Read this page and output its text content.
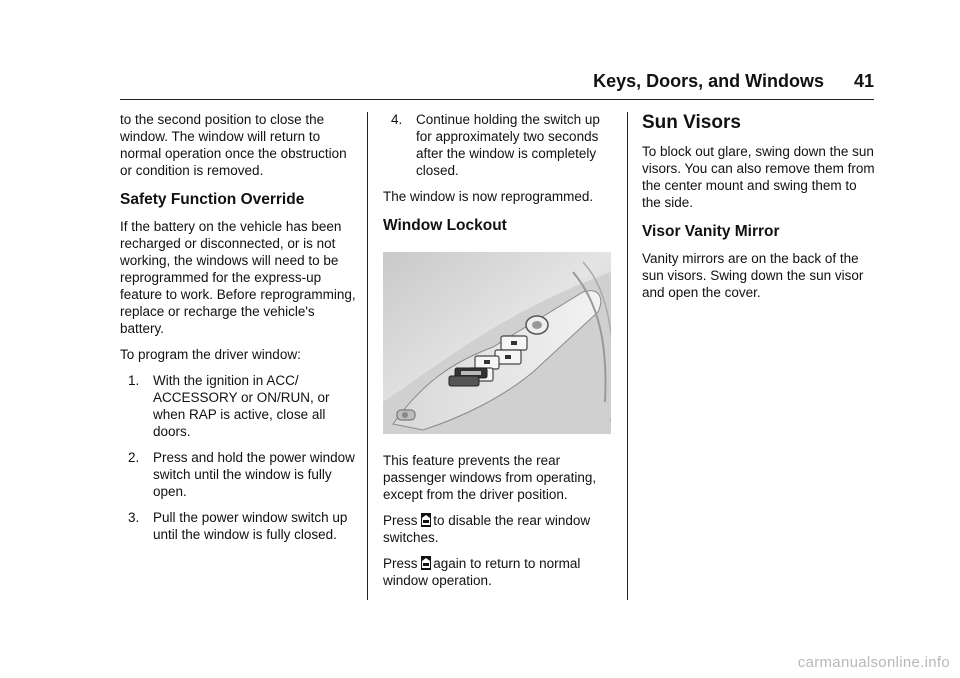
Keys, Doors, and Windows 41

to the second position to close the window. The window will return to normal operation once the obstruction or condition is removed.

Safety Function Override

If the battery on the vehicle has been recharged or disconnected, or is not working, the windows will need to be reprogrammed for the express-up feature to work. Before reprogramming, replace or recharge the vehicle's battery.

To program the driver window:

1. With the ignition in ACC/ ACCESSORY or ON/RUN, or when RAP is active, close all doors.
2. Press and hold the power window switch until the window is fully open.
3. Pull the power window switch up until the window is fully closed.
4. Continue holding the switch up for approximately two seconds after the window is completely closed.

The window is now reprogrammed.

Window Lockout

This feature prevents the rear passenger windows from operating, except from the driver position.

Press to disable the rear window switches.

Press again to return to normal window operation.

Sun Visors

To block out glare, swing down the sun visors. You can also remove them from the center mount and swing them to the side.

Visor Vanity Mirror

Vanity mirrors are on the back of the sun visors. Swing down the sun visor and open the cover.

carmanualsonline.info
